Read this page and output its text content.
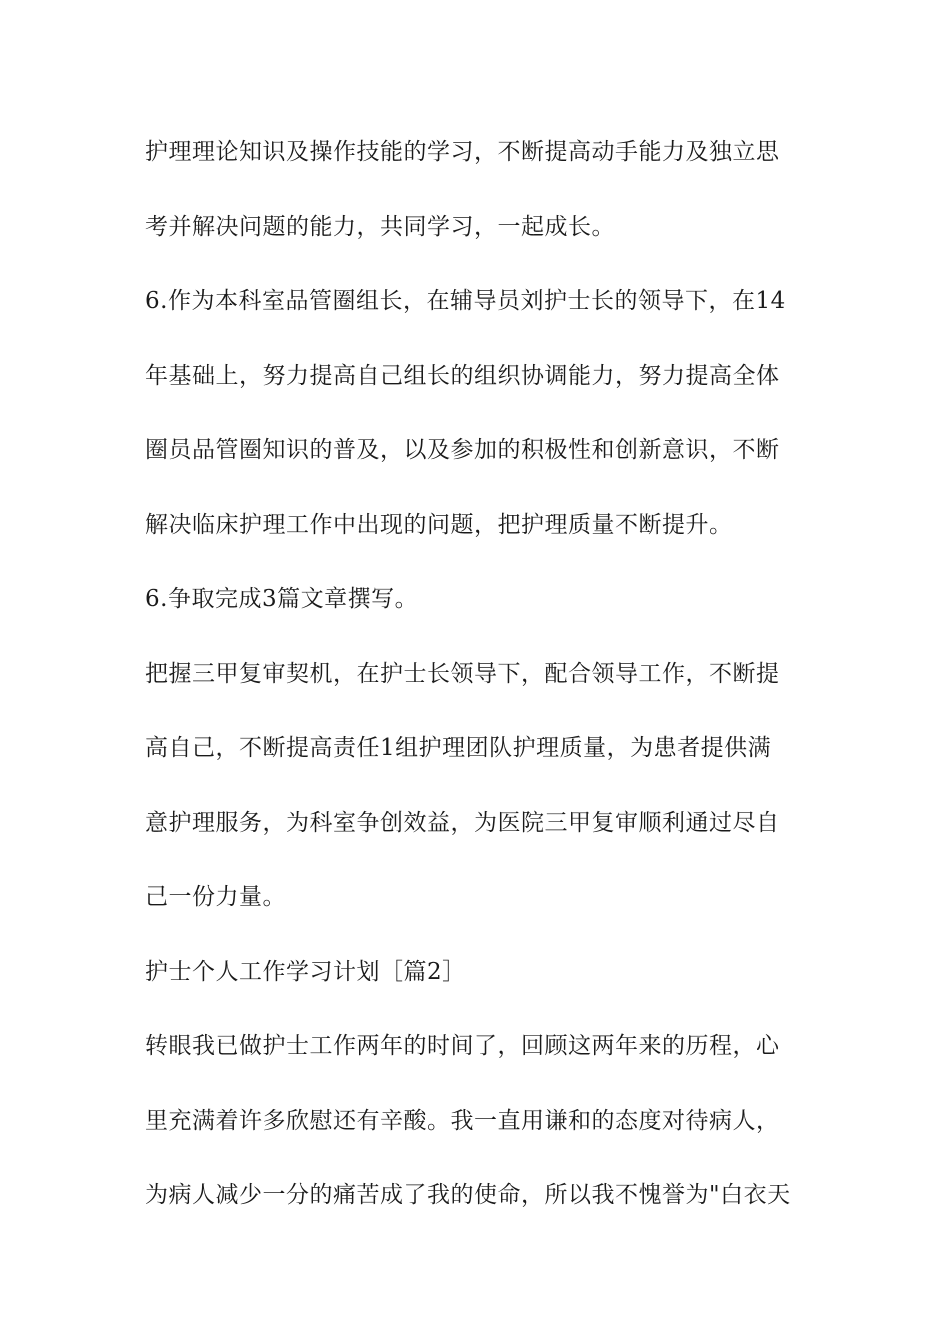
护理理论知识及操作技能的学习，不断提高动手能力及独立思
考并解决问题的能力，共同学习，一起成长。
6.作为本科室品管圈组长，在辅导员刘护士长的领导下，在14
年基础上，努力提高自己组长的组织协调能力，努力提高全体
圈员品管圈知识的普及，以及参加的积极性和创新意识，不断
解决临床护理工作中出现的问题，把护理质量不断提升。
6.争取完成3篇文章撰写。
把握三甲复审契机，在护士长领导下，配合领导工作，不断提
高自己，不断提高责任1组护理团队护理质量，为患者提供满
意护理服务，为科室争创效益，为医院三甲复审顺利通过尽自
己一份力量。
护士个人工作学习计划［篇2］
转眼我已做护士工作两年的时间了，回顾这两年来的历程，心
里充满着许多欣慰还有辛酸。我一直用谦和的态度对待病人，
为病人减少一分的痛苦成了我的使命，所以我不愧誉为"白衣天
